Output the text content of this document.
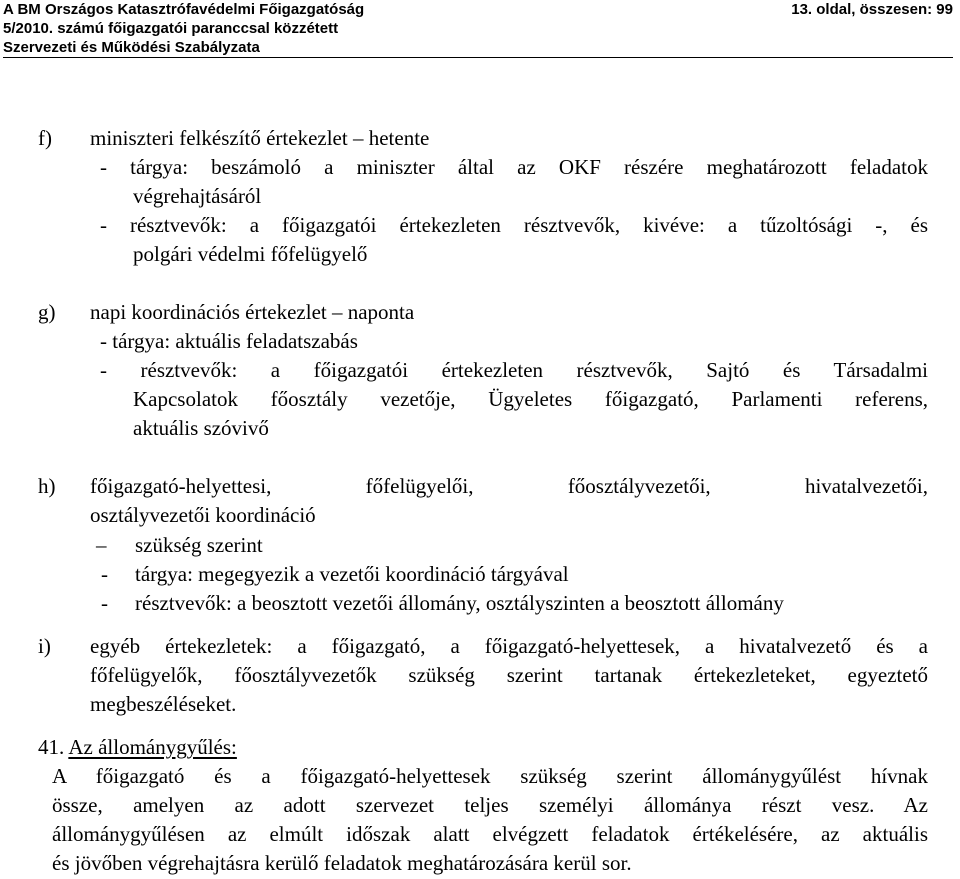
A BM Országos Katasztrófavédelmi Főigazgatóság	13. oldal, összesen: 99
5/2010. számú főigazgatói paranccsal közzétett
Szervezeti és Működési Szabályzata
f) miniszteri felkészítő értekezlet – hetente
- tárgya: beszámoló a miniszter által az OKF részére meghatározott feladatok
végrehajtásáról
- résztvevők: a főigazgatói értekezleten résztvevők, kivéve: a tűzoltósági -, és
polgári védelmi főfelügyelő
g) napi koordinációs értekezlet – naponta
- tárgya: aktuális feladatszabás
- résztvevők: a főigazgatói értekezleten résztvevők, Sajtó és Társadalmi
Kapcsolatok főosztály vezetője, Ügyeletes főigazgató, Parlamenti referens,
aktuális szóvivő
h) főigazgató-helyettesi, főfelügyelői, főosztályvezetői, hivatalvezetői,
osztályvezetői koordináció
– szükség szerint
- tárgya: megegyezik a vezetői koordináció tárgyával
- résztvevők: a beosztott vezetői állomány, osztályszinten a beosztott állomány
i) egyéb értekezletek: a főigazgató, a főigazgató-helyettesek, a hivatalvezető és a
főfelügyelők, főosztályvezetők szükség szerint tartanak értekezleteket, egyeztető
megbeszéléseket.
41. Az állománygyűlés:
A főigazgató és a főigazgató-helyettesek szükség szerint állománygyűlést hívnak
össze, amelyen az adott szervezet teljes személyi állománya részt vesz. Az
állománygyűlésen az elmúlt időszak alatt elvégzett feladatok értékelésére, az aktuális
és jövőben végrehajtásra kerülő feladatok meghatározására kerül sor.
